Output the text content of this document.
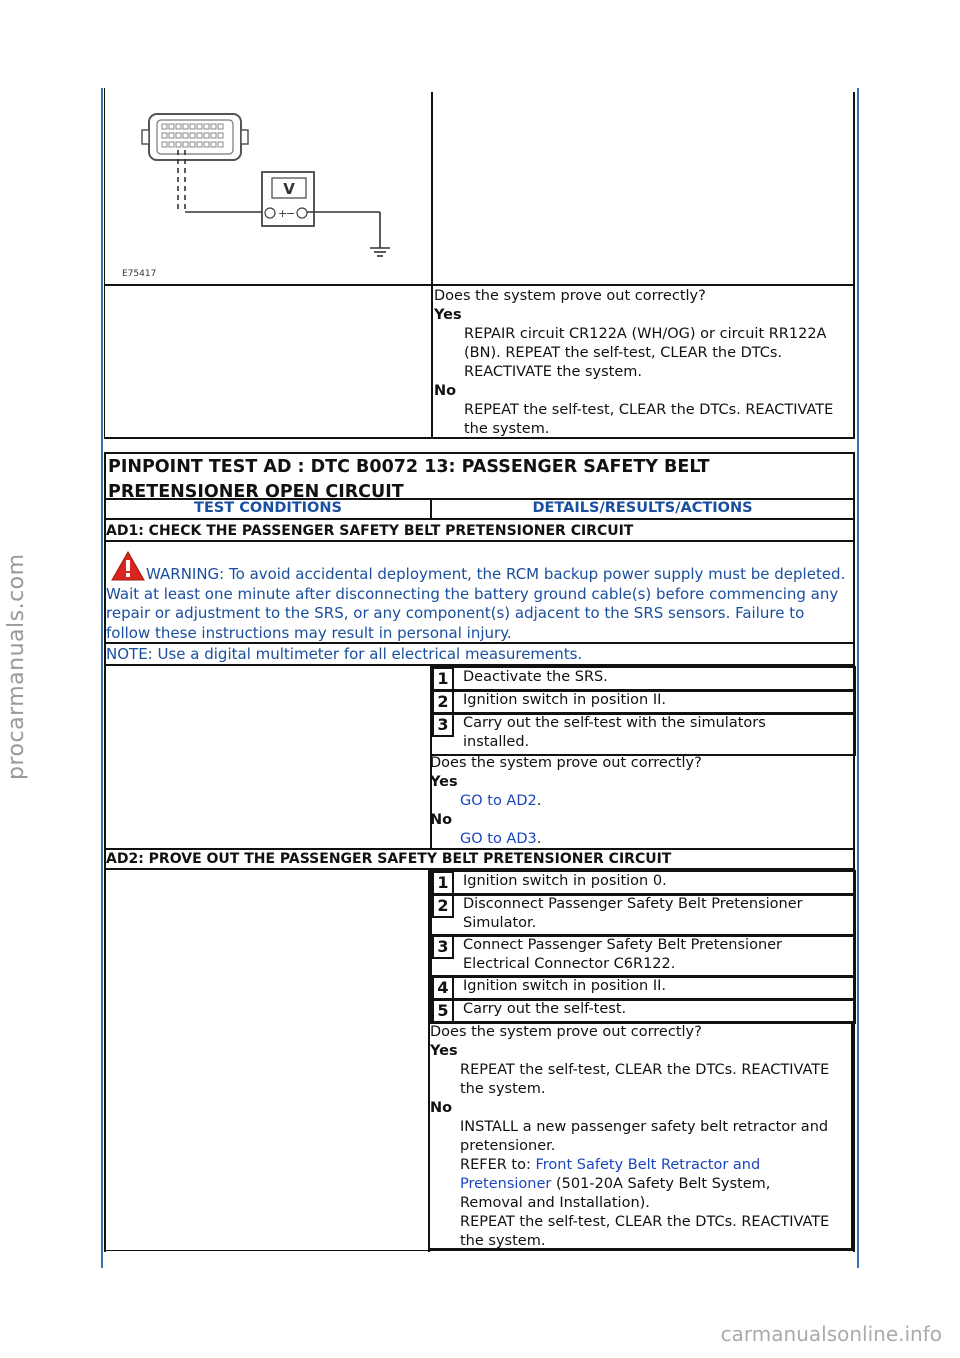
V
+
−
E75417

Does the system prove out correctly?

Yes

REPAIR circuit CR122A (WH/OG) or circuit RR122A (BN). REPEAT the self-test, CLEAR the DTCs. REACTIVATE the system.

No

REPEAT the self-test, CLEAR the DTCs. REACTIVATE the system.

PINPOINT TEST AD : DTC B0072 13: PASSENGER SAFETY BELT

PRETENSIONER OPEN CIRCUIT

TEST CONDITIONS	DETAILS/RESULTS/ACTIONS
AD1: CHECK THE PASSENGER SAFETY BELT PRETENSIONER CIRCUIT

WARNING: To avoid accidental deployment, the RCM backup power supply must be depleted. Wait at least one minute after disconnecting the battery ground cable(s) before commencing any repair or adjustment to the SRS, or any component(s) adjacent to the SRS sensors. Failure to follow these instructions may result in personal injury.

NOTE: Use a digital multimeter for all electrical measurements.
1 Deactivate the SRS.
2 Ignition switch in position II.
3 Carry out the self-test with the simulators installed.

Does the system prove out correctly?

Yes

GO to AD2.

No

GO to AD3.

AD2: PROVE OUT THE PASSENGER SAFETY BELT PRETENSIONER CIRCUIT
1 Ignition switch in position 0.
2 Disconnect Passenger Safety Belt Pretensioner Simulator.
3 Connect Passenger Safety Belt Pretensioner Electrical Connector C6R122.
4 Ignition switch in position II.
5 Carry out the self-test.

Does the system prove out correctly?

Yes

REPEAT the self-test, CLEAR the DTCs. REACTIVATE the system.

No

INSTALL a new passenger safety belt retractor and pretensioner.

REFER to: Front Safety Belt Retractor and Pretensioner (501-20A Safety Belt System, Removal and Installation).

REPEAT the self-test, CLEAR the DTCs. REACTIVATE the system.

procarmanuals.com
carmanualsonline.info
